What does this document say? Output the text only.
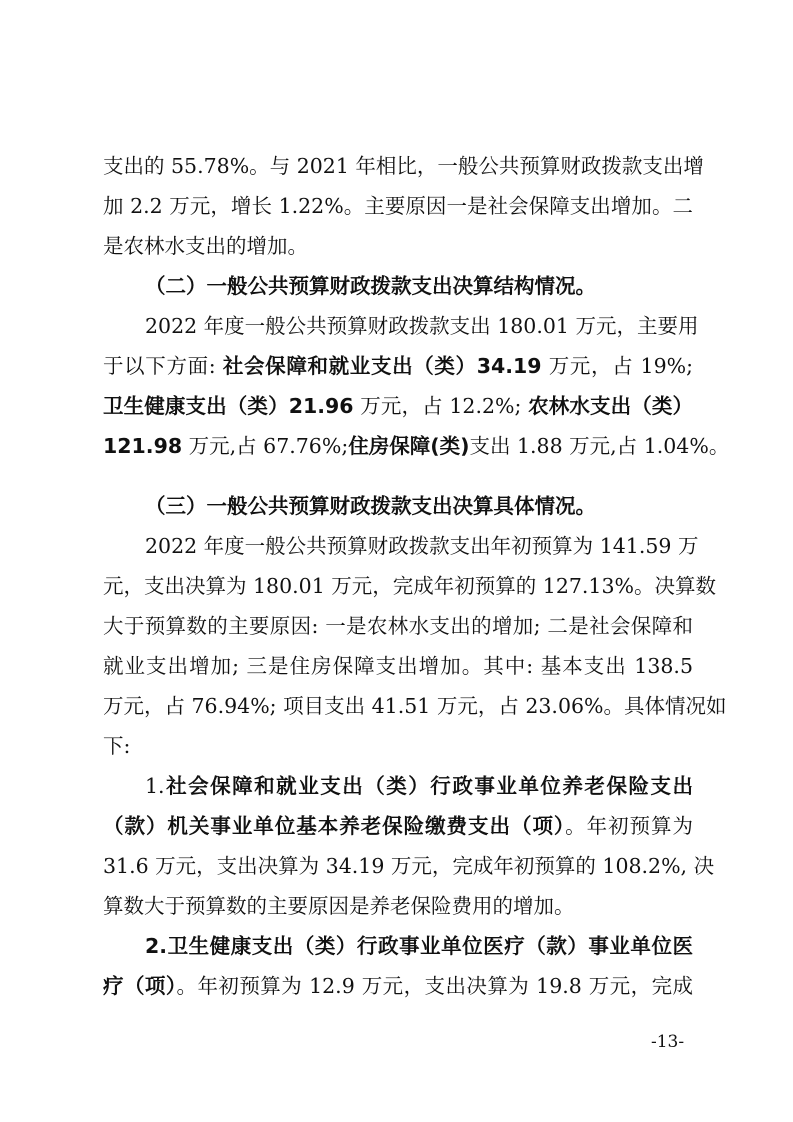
支出的 55.78%。与 2021 年相比，一般公共预算财政拨款支出增
加 2.2 万元，增长 1.22%。主要原因一是社会保障支出增加。二
是农林水支出的增加。
（二）一般公共预算财政拨款支出决算结构情况。
2022 年度一般公共预算财政拨款支出 180.01 万元，主要用
于以下方面: 社会保障和就业支出（类）34.19 万元，占 19%;
卫生健康支出（类）21.96 万元，占 12.2%; 农林水支出（类）
121.98 万元,占 67.76%;住房保障(类)支出 1.88 万元,占 1.04%。
（三）一般公共预算财政拨款支出决算具体情况。
2022 年度一般公共预算财政拨款支出年初预算为 141.59 万
元，支出决算为 180.01 万元，完成年初预算的 127.13%。决算数
大于预算数的主要原因: 一是农林水支出的增加; 二是社会保障和
就业支出增加; 三是住房保障支出增加。其中: 基本支出 138.5
万元，占 76.94%; 项目支出 41.51 万元，占 23.06%。具体情况如
下:
1.社会保障和就业支出（类）行政事业单位养老保险支出
（款）机关事业单位基本养老保险缴费支出（项）。年初预算为
31.6 万元，支出决算为 34.19 万元，完成年初预算的 108.2%, 决
算数大于预算数的主要原因是养老保险费用的增加。
2.卫生健康支出（类）行政事业单位医疗（款）事业单位医
疗（项）。年初预算为 12.9 万元，支出决算为 19.8 万元，完成
-13-
